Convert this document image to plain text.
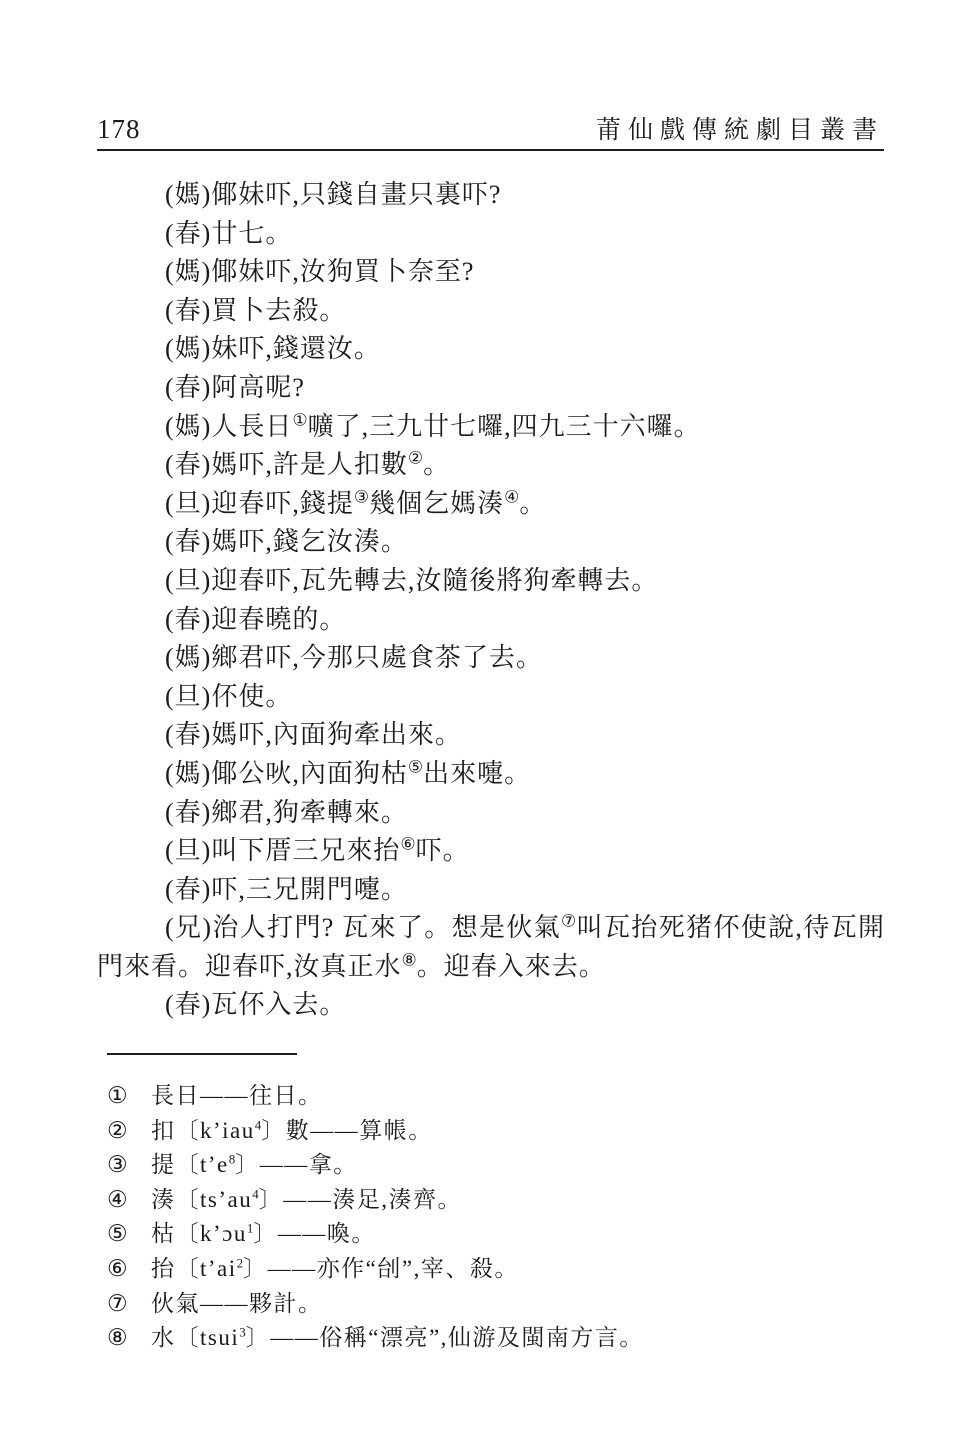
178	莆仙戲傳統劇目叢書

(媽)倻妹吓,只錢自畫只裏吓?

(春)廿七。

(媽)倻妹吓,汝狗買卜奈至?

(春)買卜去殺。

(媽)妹吓,錢還汝。

(春)阿高呢?

(媽)人長日①嚝了,三九廿七囉,四九三十六囉。

(春)媽吓,許是人扣數②。

(旦)迎春吓,錢提③幾個乞媽湊④。

(春)媽吓,錢乞汝湊。

(旦)迎春吓,瓦先轉去,汝隨後將狗牽轉去。

(春)迎春曉的。

(媽)鄉君吓,今那只處食茶了去。

(旦)伓使。

(春)媽吓,內面狗牽出來。

(媽)倻公吙,內面狗枯⑤出來嚏。

(春)鄉君,狗牽轉來。

(旦)叫下厝三兄來抬⑥吓。

(春)吓,三兄開門嚏。

(兄)治人打門? 瓦來了。想是伙氣⑦叫瓦抬死猪伓使說,待瓦開門來看。迎春吓,汝真正水⑧。迎春入來去。

(春)瓦伓入去。

①	長日——往日。

②	扣〔k’iau$^4$〕數——算帳。

③	提〔$t’e^8$〕——拿。

④	湊〔$ts’au^4$〕——湊足,湊齊。

⑤	枯〔k’ɔu$^1$〕——喚。

⑥	抬〔$t’ai^2$〕——亦作“刣”,宰、殺。

⑦	伙氣——夥計。

⑧	水〔tsui$^3$〕——俗稱“漂亮”,仙游及閩南方言。
